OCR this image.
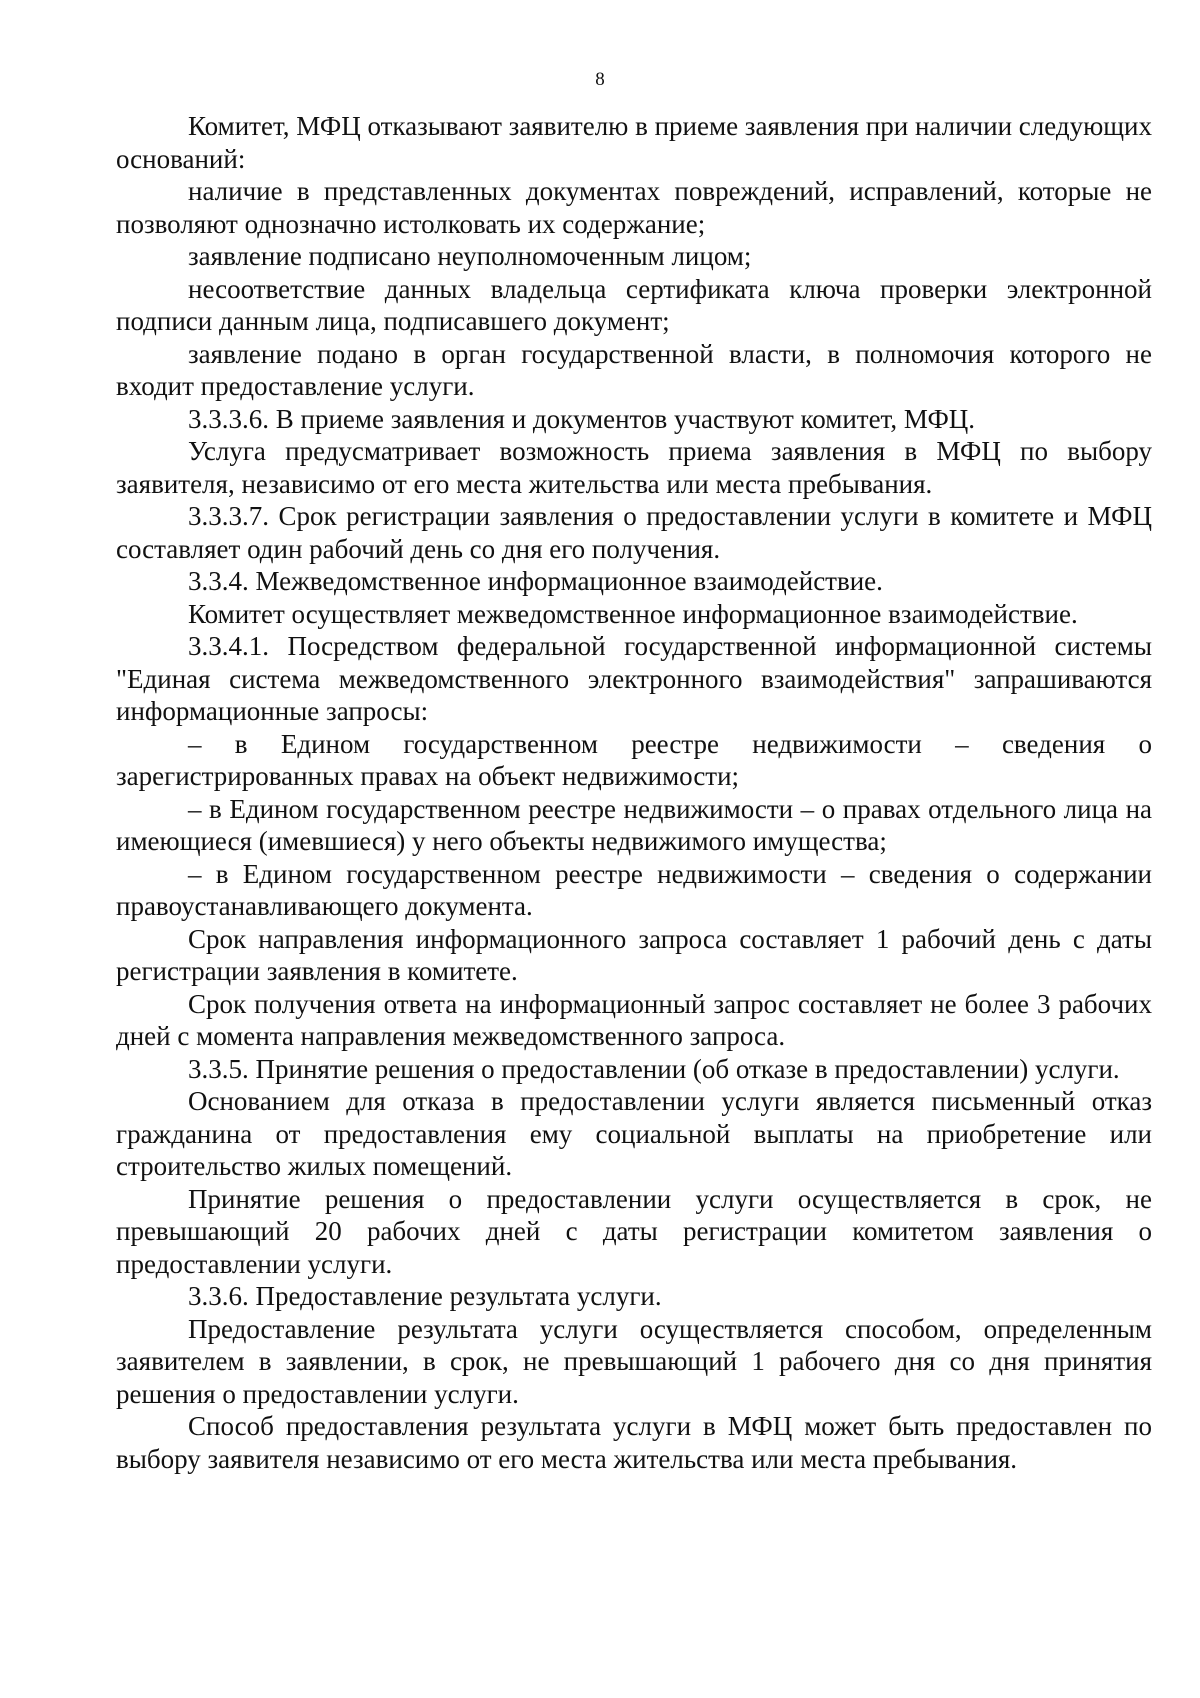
8

Комитет, МФЦ отказывают заявителю в приеме заявления при наличии следующих оснований:

наличие в представленных документах повреждений, исправлений, которые не позволяют однозначно истолковать их содержание;

заявление подписано неуполномоченным лицом;

несоответствие данных владельца сертификата ключа проверки электронной подписи данным лица, подписавшего документ;

заявление подано в орган государственной власти, в полномочия которого не входит предоставление услуги.

3.3.3.6. В приеме заявления и документов участвуют комитет, МФЦ.

Услуга предусматривает возможность приема заявления в МФЦ по выбору заявителя, независимо от его места жительства или места пребывания.

3.3.3.7. Срок регистрации заявления о предоставлении услуги в комитете и МФЦ составляет один рабочий день со дня его получения.

3.3.4. Межведомственное информационное взаимодействие.

Комитет осуществляет межведомственное информационное взаимодействие.

3.3.4.1. Посредством федеральной государственной информационной системы "Единая система межведомственного электронного взаимодействия" запрашиваются информационные запросы:

– в Едином государственном реестре недвижимости – сведения о зарегистрированных правах на объект недвижимости;

– в Едином государственном реестре недвижимости – о правах отдельного лица на имеющиеся (имевшиеся) у него объекты недвижимого имущества;

– в Едином государственном реестре недвижимости – сведения о содержании правоустанавливающего документа.

Срок направления информационного запроса составляет 1 рабочий день с даты регистрации заявления в комитете.

Срок получения ответа на информационный запрос составляет не более 3 рабочих дней с момента направления межведомственного запроса.

3.3.5. Принятие решения о предоставлении (об отказе в предоставлении) услуги.

Основанием для отказа в предоставлении услуги является письменный отказ гражданина от предоставления ему социальной выплаты на приобретение или строительство жилых помещений.

Принятие решения о предоставлении услуги осуществляется в срок, не превышающий 20 рабочих дней с даты регистрации комитетом заявления о предоставлении услуги.

3.3.6. Предоставление результата услуги.

Предоставление результата услуги осуществляется способом, определенным заявителем в заявлении, в срок, не превышающий 1 рабочего дня со дня принятия решения о предоставлении услуги.

Способ предоставления результата услуги в МФЦ может быть предоставлен по выбору заявителя независимо от его места жительства или места пребывания.
